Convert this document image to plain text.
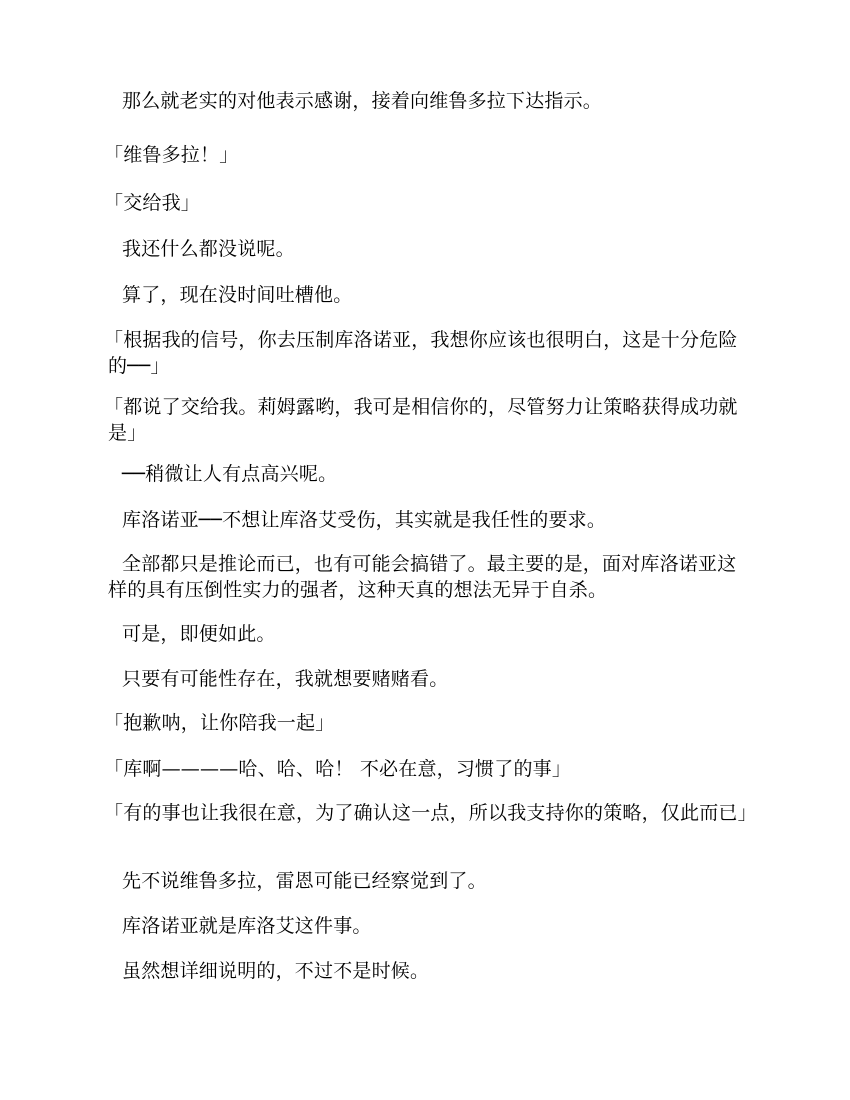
那么就老实的对他表示感谢，接着向维鲁多拉下达指示。

「维鲁多拉！」

「交给我」

我还什么都没说呢。

算了，现在没时间吐槽他。

「根据我的信号，你去压制库洛诺亚，我想你应该也很明白，这是十分危险的──」

「都说了交给我。莉姆露哟，我可是相信你的，尽管努力让策略获得成功就是」

──稍微让人有点高兴呢。

库洛诺亚──不想让库洛艾受伤，其实就是我任性的要求。

全部都只是推论而已，也有可能会搞错了。最主要的是，面对库洛诺亚这样的具有压倒性实力的强者，这种天真的想法无异于自杀。

可是，即便如此。

只要有可能性存在，我就想要赌赌看。

「抱歉呐，让你陪我一起」

「库啊————哈、哈、哈！ 不必在意，习惯了的事」

「有的事也让我很在意，为了确认这一点，所以我支持你的策略，仅此而已」

先不说维鲁多拉，雷恩可能已经察觉到了。

库洛诺亚就是库洛艾这件事。

虽然想详细说明的，不过不是时候。
